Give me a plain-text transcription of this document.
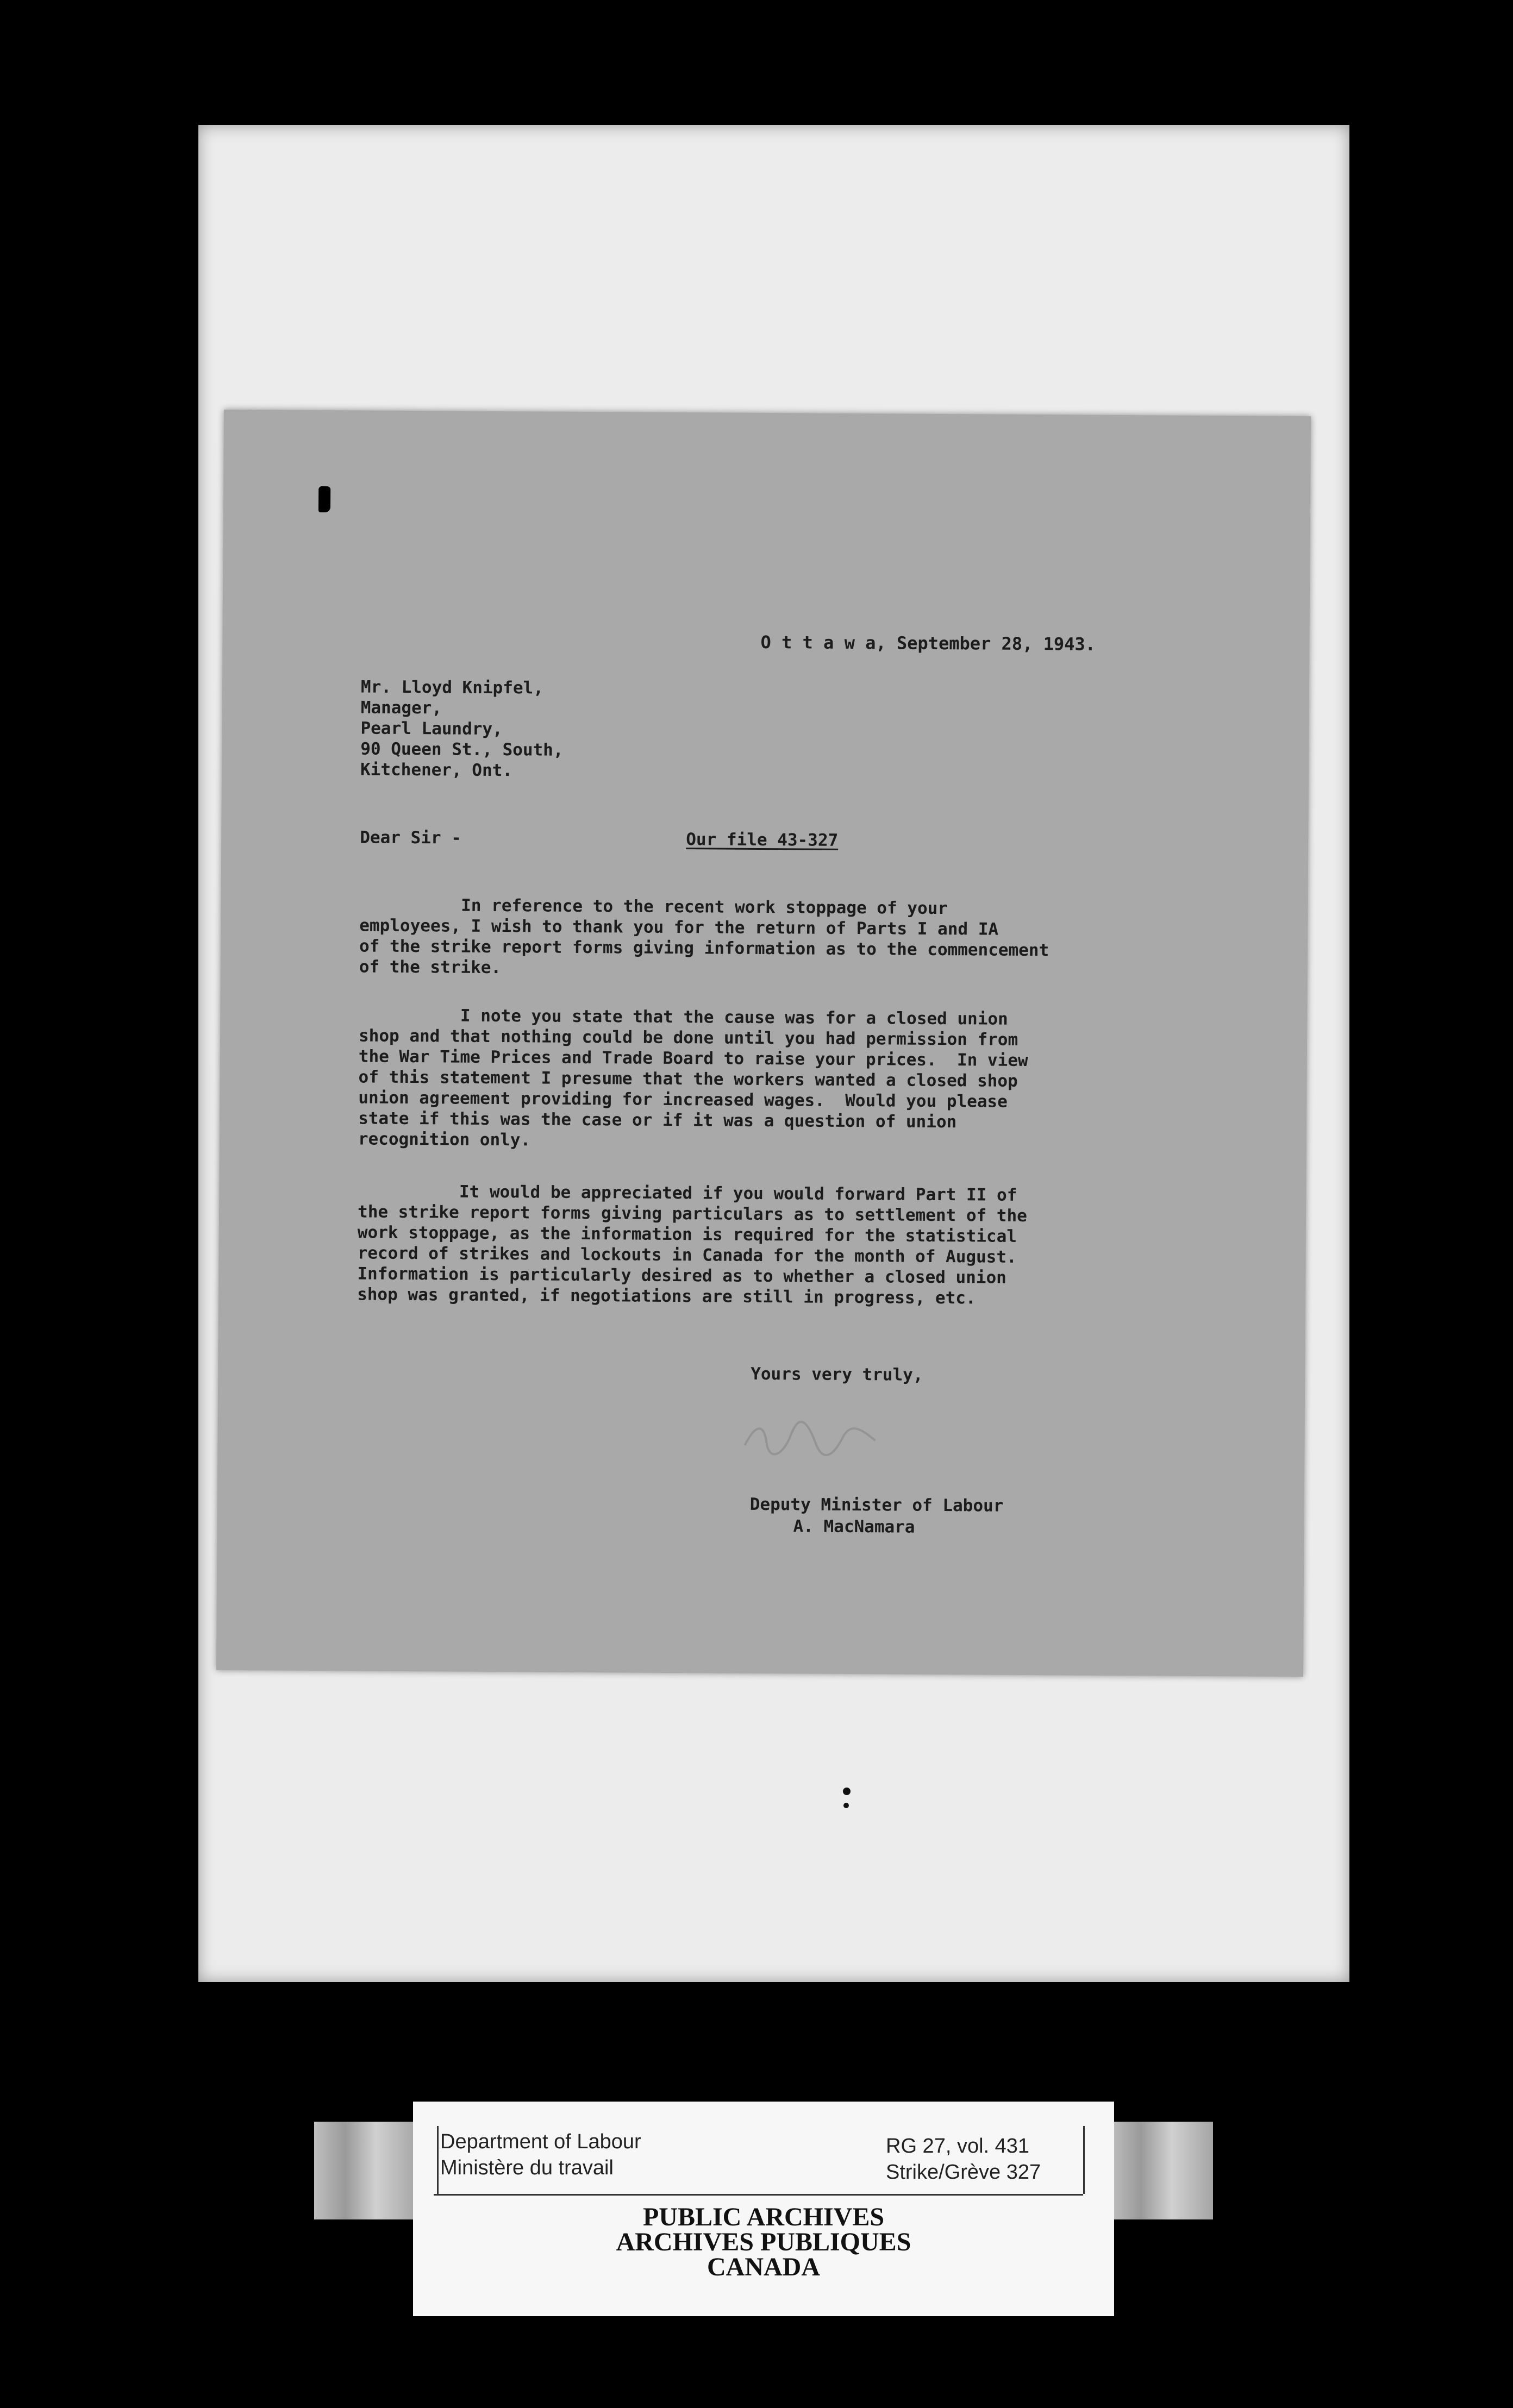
O t t a w a, September 28, 1943.
Mr. Lloyd Knipfel,
Manager,
Pearl Laundry,
90 Queen St., South,
Kitchener, Ont.
Dear Sir -	Our file 43-327
In reference to the recent work stoppage of your
employees, I wish to thank you for the return of Parts I and IA
of the strike report forms giving information as to the commencement
of the strike.
I note you state that the cause was for a closed union
shop and that nothing could be done until you had permission from
the War Time Prices and Trade Board to raise your prices.  In view
of this statement I presume that the workers wanted a closed shop
union agreement providing for increased wages.  Would you please
state if this was the case or if it was a question of union
recognition only.
It would be appreciated if you would forward Part II of
the strike report forms giving particulars as to settlement of the
work stoppage, as the information is required for the statistical
record of strikes and lockouts in Canada for the month of August.
Information is particularly desired as to whether a closed union
shop was granted, if negotiations are still in progress, etc.
Yours very truly,
Deputy Minister of Labour
A. MacNamara
Department of Labour
Ministère du travail
RG 27, vol. 431
Strike/Grève 327
PUBLIC ARCHIVES
ARCHIVES PUBLIQUES
CANADA
